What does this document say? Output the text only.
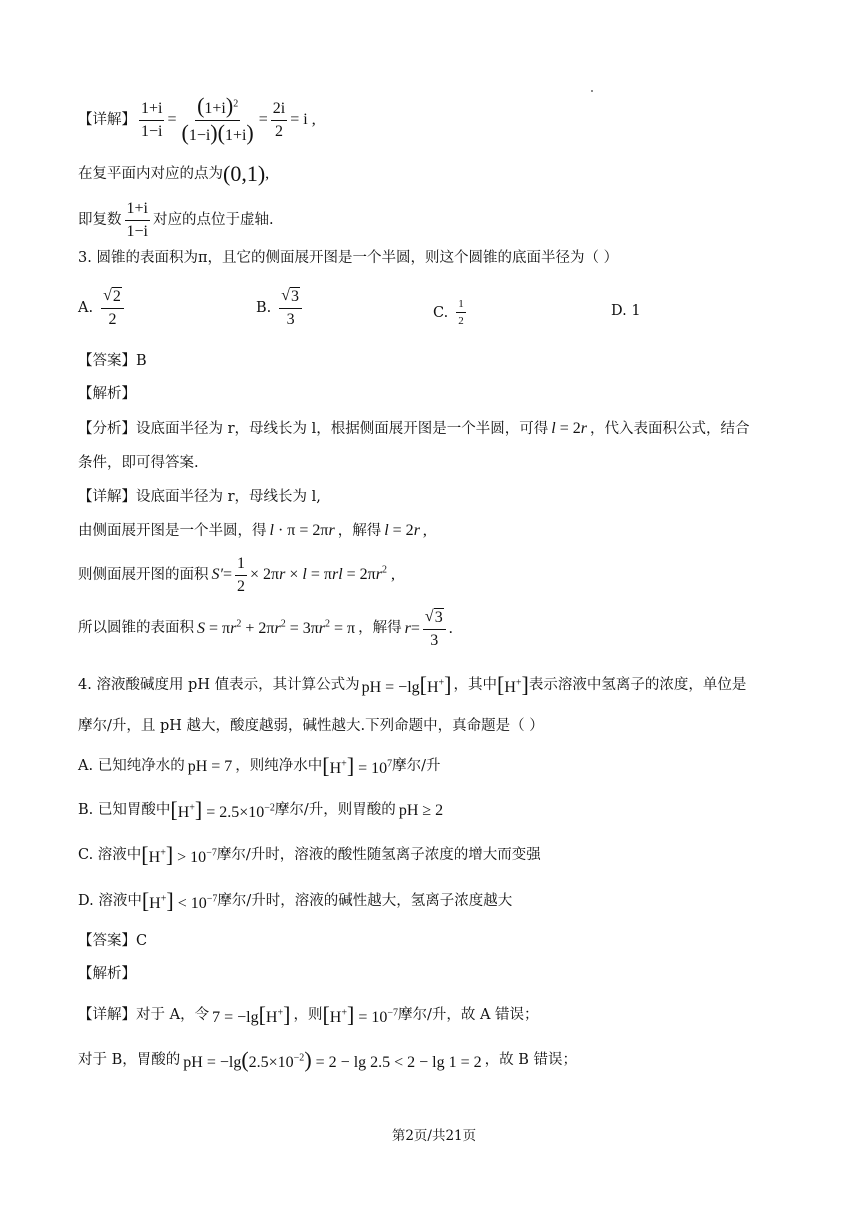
【详解】 $\frac{1+i}{1-i} = \frac{(1+i)^2}{(1-i)(1+i)} = \frac{2i}{2} = i$ ,
在复平面内对应的点为 (0,1) ,
即复数 $\frac{1+i}{1-i}$ 对应的点位于虚轴.
3. 圆锥的表面积为π，且它的侧面展开图是一个半圆，则这个圆锥的底面半径为（ ）
A. $\frac{√ 2}{2}$	B. $\frac{√ 3}{3}$	C. $\frac{1}{2}$	D. 1
【答案】 B
【解析】
【分析】 设底面半径为 r，母线长为 l，根据侧面展开图是一个半圆，可得 l = 2r ，代入表面积公式，结合
条件，即可得答案.
【详解】 设底面半径为 r，母线长为 l,
由侧面展开图是一个半圆，得 l · π = 2πr ，解得 l = 2r ,
则侧面展开图的面积 $S' = \frac{1}{2} \times 2\pi r \times l = \pi rl = 2\pi r^2$ ,
所以圆锥的表面积 $S = \pi r^2 + 2\pi r^2 = 3\pi r^2 = \pi$ ，解得 $r = \frac{√ 3}{3}$ .
4. 溶液酸碱度用 pH 值表示，其计算公式为 pH = −lg[H+] ，其中 [H+] 表示溶液中氢离子的浓度，单位是
摩尔/升，且 pH 越大，酸度越弱，碱性越大.下列命题中，真命题是（ ）
A. 已知纯净水的 pH = 7 ，则纯净水中 $[H^+] = 10^7$ 摩尔/升
B. 已知胃酸中 $[H^+] = 2.5\times 10^{-2}$ 摩尔/升，则胃酸的 pH ≥ 2
C. 溶液中 $[H^+] > 10^{-7}$ 摩尔/升时，溶液的酸性随氢离子浓度的增大而变强
D. 溶液中 $[H^+] < 10^{-7}$ 摩尔/升时，溶液的碱性越大，氢离子浓度越大
【答案】 C
【解析】
【详解】 对于 A，令 7 = −lg[H+] ，则 $[H^+] = 10^{-7}$ 摩尔/升，故 A 错误；
对于 B，胃酸的 pH = $-\lg(2.5\times 10^{-2}) = 2 - \lg 2.5 < 2 - \lg 1 = 2$ ，故 B 错误；
第2页/共21页
